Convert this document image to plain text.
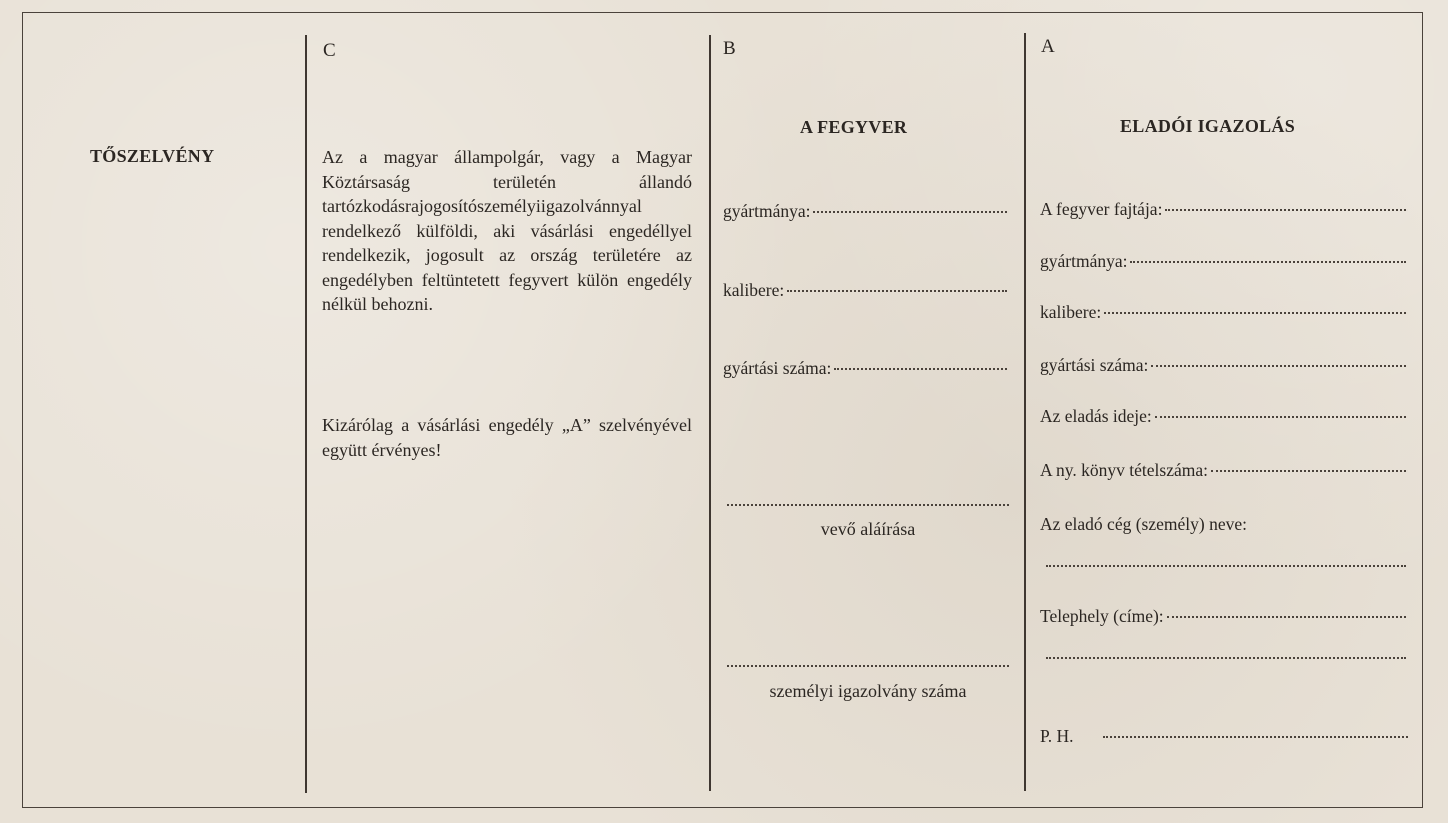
TŐSZELVÉNY
C
Az a magyar állampolgár, vagy a Magyar Köztársaság területén állandó tartózkodásrajogosítószemélyiigazolvánnyal rendelkező külföldi, aki vásárlási engedéllyel rendelkezik, jogosult az ország területére az engedélyben feltüntetett fegyvert külön engedély nélkül behozni.
Kizárólag a vásárlási engedély „A” szelvényével együtt érvényes!
B
A FEGYVER
gyártmánya:
kalibere:
gyártási száma:
vevő aláírása
személyi igazolvány száma
A
ELADÓI IGAZOLÁS
A fegyver fajtája:
gyártmánya:
kalibere:
gyártási száma:
Az eladás ideje:
A ny. könyv tételszáma:
Az eladó cég (személy) neve:
Telephely (címe):
P. H.
